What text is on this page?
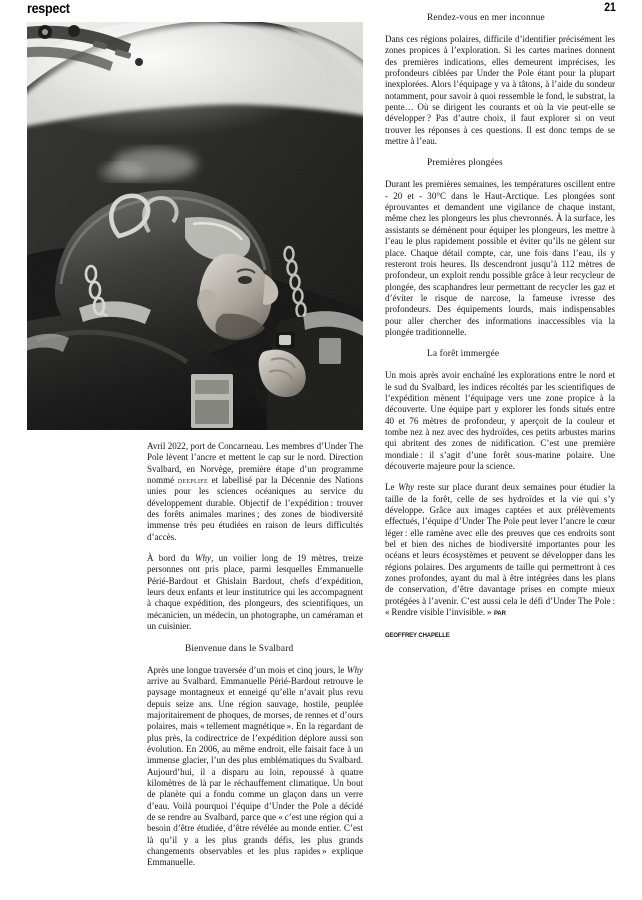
respect	21

Avril 2022, port de Concarneau. Les membres d’Under The Pole lèvent l’ancre et mettent le cap sur le nord. Direction Svalbard, en Norvège, première étape d’un programme nommé deeplife et labellisé par la Décennie des Nations unies pour les sciences océaniques au service du développement durable. Objectif de l’expédition : trouver des forêts animales marines ; des zones de biodiversité immense très peu étudiées en raison de leurs difficultés d’accès.

À bord du Why, un voilier long de 19 mètres, treize personnes ont pris place, parmi lesquelles Emmanuelle Périé-Bardout et Ghislain Bardout, chefs d’expédition, leurs deux enfants et leur institutrice qui les accompagnent à chaque expédition, des plongeurs, des scientifiques, un mécanicien, un médecin, un photographe, un caméraman et un cuisinier.

Bienvenue dans le Svalbard

Après une longue traversée d’un mois et cinq jours, le Why arrive au Svalbard. Emmanuelle Périé-Bardout retrouve le paysage montagneux et enneigé qu’elle n’avait plus revu depuis seize ans. Une région sauvage, hostile, peuplée majoritairement de phoques, de morses, de rennes et d’ours polaires, mais « tellement magnétique ». En la regardant de plus près, la codirectrice de l’expédition déplore aussi son évolution. En 2006, au même endroit, elle faisait face à un immense glacier, l’un des plus emblématiques du Svalbard. Aujourd’hui, il a disparu au loin, repoussé à quatre kilomètres de là par le réchauffement climatique. Un bout de planète qui a fondu comme un glaçon dans un verre d’eau. Voilà pourquoi l’équipe d’Under the Pole a décidé de se rendre au Svalbard, parce que « c’est une région qui a besoin d’être étudiée, d’être révélée au monde entier. C’est là qu’il y a les plus grands défis, les plus grands changements observables et les plus rapides » explique Emmanuelle.

Rendez-vous en mer inconnue

Dans ces régions polaires, difficile d’identifier précisément les zones propices à l’exploration. Si les cartes marines donnent des premières indications, elles demeurent imprécises, les profondeurs ciblées par Under the Pole étant pour la plupart inexplorées. Alors l’équipage y va à tâtons, à l’aide du sondeur notamment, pour savoir à quoi ressemble le fond, le substrat, la pente… Où se dirigent les courants et où la vie peut-elle se développer ? Pas d’autre choix, il faut explorer si on veut trouver les réponses à ces questions. Il est donc temps de se mettre à l’eau.

Premières plongées

Durant les premières semaines, les températures oscillent entre - 20 et - 30°C dans le Haut-Arctique. Les plongées sont éprouvantes et demandent une vigilance de chaque instant, même chez les plongeurs les plus chevronnés. À la surface, les assistants se démènent pour équiper les plongeurs, les mettre à l’eau le plus rapidement possible et éviter qu’ils ne gèlent sur place. Chaque détail compte, car, une fois dans l’eau, ils y resteront trois heures. Ils descendront jusqu’à 112 mètres de profondeur, un exploit rendu possible grâce à leur recycleur de plongée, des scaphandres leur permettant de recycler les gaz et d’éviter le risque de narcose, la fameuse ivresse des profondeurs. Des équipements lourds, mais indispensables pour aller chercher des informations inaccessibles via la plongée traditionnelle.

La forêt immergée

Un mois après avoir enchaîné les explorations entre le nord et le sud du Svalbard, les indices récoltés par les scientifiques de l’expédition mènent l’équipage vers une zone propice à la découverte. Une équipe part y explorer les fonds situés entre 40 et 76 mètres de profondeur, y aperçoit de la couleur et tombe nez à nez avec des hydroïdes, ces petits arbustes marins qui abritent des zones de nidification. C’est une première mondiale : il s’agit d’une forêt sous-marine polaire. Une découverte majeure pour la science.

Le Why reste sur place durant deux semaines pour étudier la taille de la forêt, celle de ses hydroïdes et la vie qui s’y développe. Grâce aux images captées et aux prélèvements effectués, l’équipe d’Under The Pole peut lever l’ancre le cœur léger : elle ramène avec elle des preuves que ces endroits sont bel et bien des niches de biodiversité importantes pour les océans et leurs écosystèmes et peuvent se développer dans les régions polaires. Des arguments de taille qui permettront à ces zones profondes, ayant du mal à être intégrées dans les plans de conservation, d’être davantage prises en compte mieux protégées à l’avenir. C’est aussi cela le défi d’Under The Pole : « Rendre visible l’invisible. » PAR

GEOFFREY CHAPELLE
